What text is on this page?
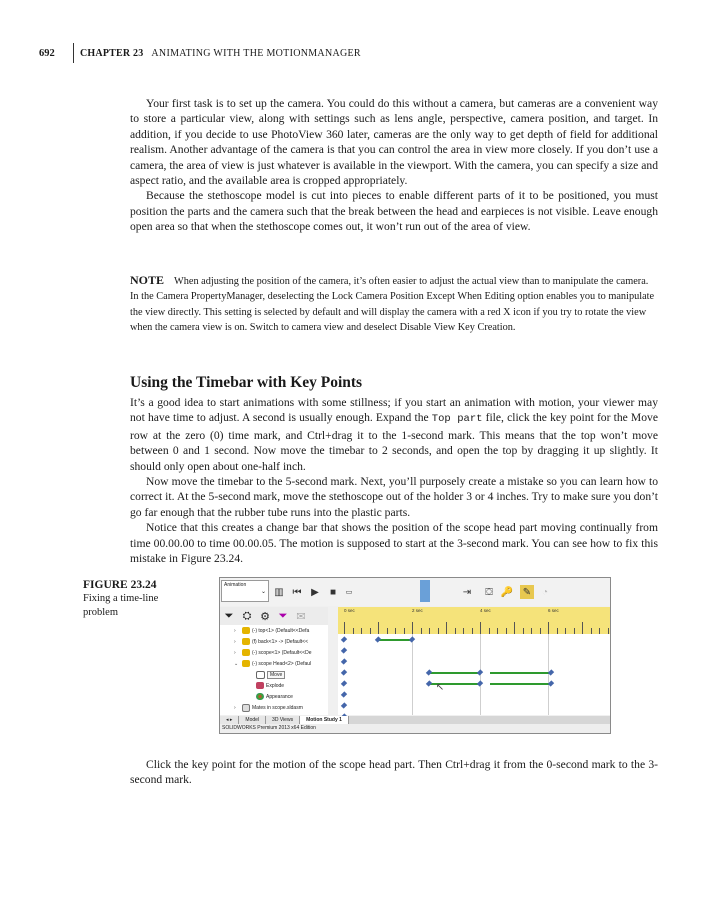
692	CHAPTER 23 ANIMATING WITH THE MOTIONMANAGER

Your first task is to set up the camera. You could do this without a camera, but cameras are a convenient way to store a particular view, along with settings such as lens angle, perspective, camera position, and target. In addition, if you decide to use PhotoView 360 later, cameras are the only way to get depth of field for additional realism. Another advantage of the camera is that you can control the area in view more closely. If you don’t use a camera, the area of view is just whatever is available in the viewport. With the camera, you can specify a size and aspect ratio, and the available area is cropped appropriately.

Because the stethoscope model is cut into pieces to enable different parts of it to be positioned, you must position the parts and the camera such that the break between the head and earpieces is not visible. Leave enough open area so that when the stethoscope comes out, it won’t run out of the area of view.

NOTE When adjusting the position of the camera, it’s often easier to adjust the actual view than to manipulate the camera. In the Camera PropertyManager, deselecting the Lock Camera Position Except When Editing option enables you to manipulate the view directly. This setting is selected by default and will display the camera with a red X icon if you try to rotate the view when the camera view is on. Switch to camera view and deselect Disable View Key Creation.
Using the Timebar with Key Points

It’s a good idea to start animations with some stillness; if you start an animation with motion, your viewer may not have time to adjust. A second is usually enough. Expand the Top part file, click the key point for the Move row at the zero (0) time mark, and Ctrl+drag it to the 1-second mark. This means that the top won’t move between 0 and 1 second. Now move the timebar to 2 seconds, and open the top by dragging it up slightly. It should only open about one-half inch.

Now move the timebar to the 5-second mark. Next, you’ll purposely create a mistake so you can learn how to correct it. At the 5-second mark, move the stethoscope out of the holder 3 or 4 inches. Try to make sure you don’t go far enough that the rubber tube runs into the plastic parts.

Notice that this creates a change bar that shows the position of the scope head part moving continually from time 00.00.00 to time 00.00.05. The motion is supposed to start at the 3-second mark. You can see how to fix this mistake in Figure 23.24.

FIGURE 23.24
Fixing a time-line problem
Animation
⌄ ▥ ⏮ ▶	■	▭	⇥	⛋ 🔑 ✎	◔
⏷ ⛭ ⚙ ⏷ ✉
›	(-) top<1> (Default<<Defa
›	(f) back<1> -> (Default<<
›	(-) scope<1> (Default<<De
⌄	(-) scope Head<2> (Defaul
Move
Explode
Appearance
›	Mates in scope.sldasm
0 sec	2 sec	4 sec	6 sec
↖
◂ ▸	Model	3D Views	Motion Study 1
SOLIDWORKS Premium 2013 x64 Edition

Click the key point for the motion of the scope head part. Then Ctrl+drag it from the 0-second mark to the 3-second mark.
